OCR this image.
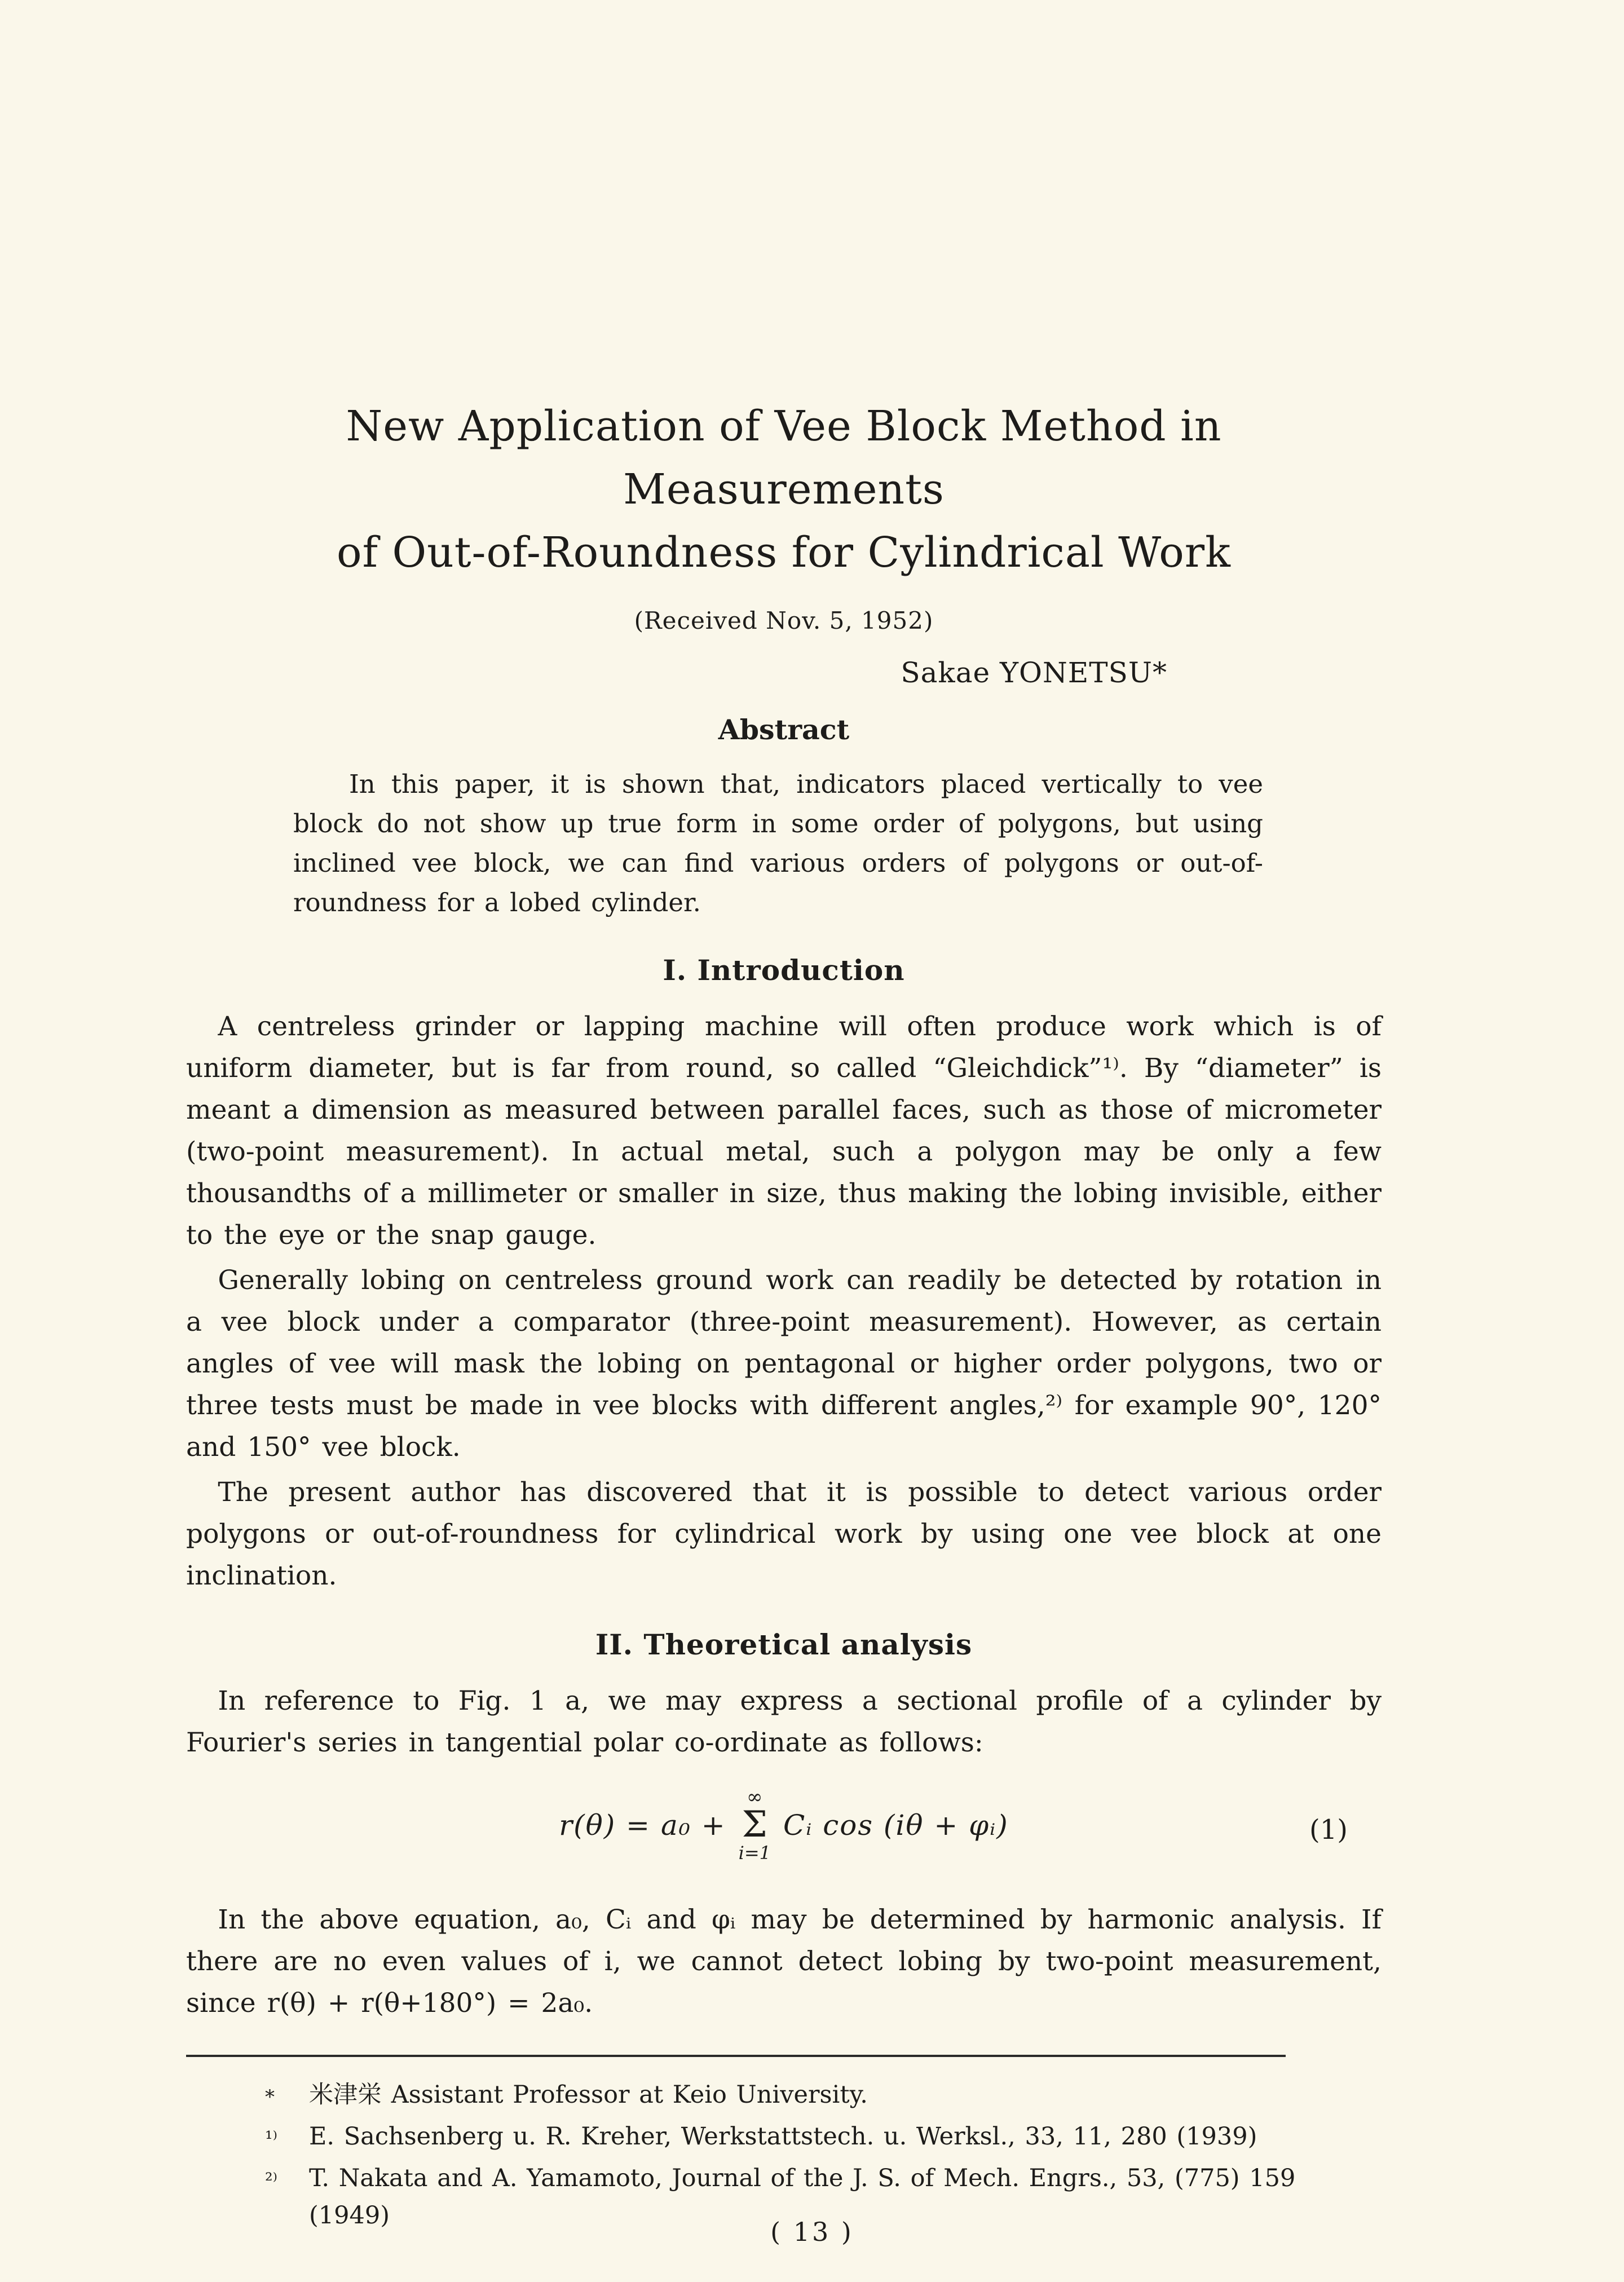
New Application of Vee Block Method in Measurements
of Out-of-Roundness for Cylindrical Work
(Received Nov. 5, 1952)
Sakae YONETSU*
Abstract

In this paper, it is shown that, indicators placed vertically to vee block do not show up true form in some order of polygons, but using inclined vee block, we can find various orders of polygons or out-of-roundness for a lobed cylinder.

I. Introduction

A centreless grinder or lapping machine will often produce work which is of uniform diameter, but is far from round, so called “Gleichdick”¹⁾. By “diameter” is meant a dimension as measured between parallel faces, such as those of micrometer (two-point measurement). In actual metal, such a polygon may be only a few thousandths of a millimeter or smaller in size, thus making the lobing invisible, either to the eye or the snap gauge.

Generally lobing on centreless ground work can readily be detected by rotation in a vee block under a comparator (three-point measurement). However, as certain angles of vee will mask the lobing on pentagonal or higher order polygons, two or three tests must be made in vee blocks with different angles,²⁾ for example 90°, 120° and 150° vee block.

The present author has discovered that it is possible to detect various order polygons or out-of-roundness for cylindrical work by using one vee block at one inclination.

II. Theoretical analysis

In reference to Fig. 1 a, we may express a sectional profile of a cylinder by Fourier's series in tangential polar co-ordinate as follows:

r(θ) = a₀ +
∞
Σ
i=1
Cᵢ cos (iθ + φᵢ)	(1)

In the above equation, a₀, Cᵢ and φᵢ may be determined by harmonic analysis. If there are no even values of i, we cannot detect lobing by two-point measurement, since r(θ) + r(θ+180°) = 2a₀.

*	米津栄 Assistant Professor at Keio University.
¹⁾	E. Sachsenberg u. R. Kreher, Werkstattstech. u. Werksl., 33, 11, 280 (1939)
²⁾	T. Nakata and A. Yamamoto, Journal of the J. S. of Mech. Engrs., 53, (775) 159 (1949)
( 13 )
